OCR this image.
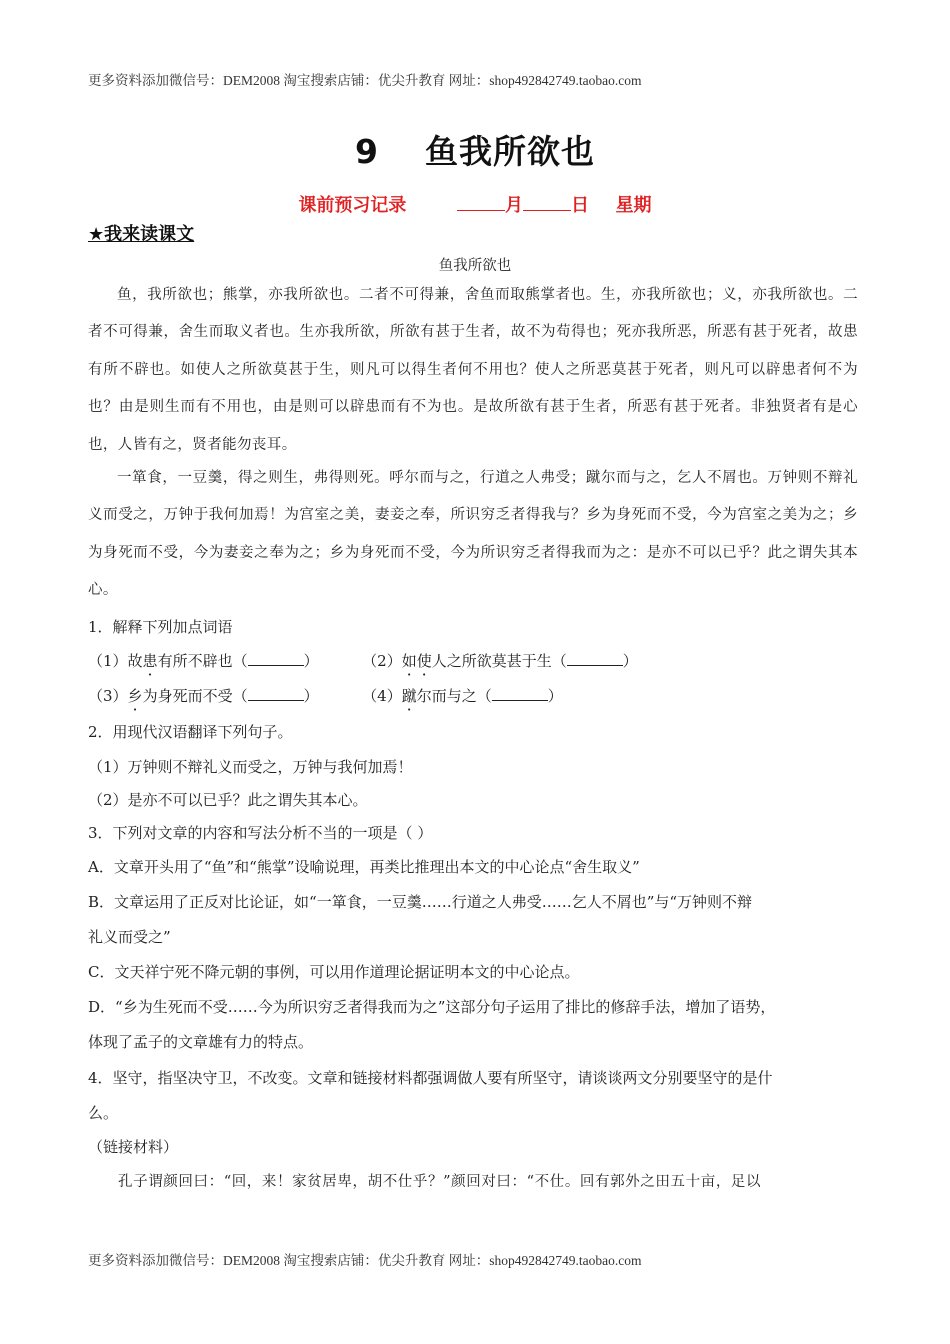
更多资料添加微信号：DEM2008 淘宝搜索店铺：优尖升教育 网址：shop492842749.taobao.com
9 鱼我所欲也
课前预习记录	月	日 星期
★我来读课文
鱼我所欲也
鱼，我所欲也；熊掌，亦我所欲也。二者不可得兼，舍鱼而取熊掌者也。生，亦我所欲也；义，亦我所欲也。二者不可得兼，舍生而取义者也。生亦我所欲，所欲有甚于生者，故不为苟得也；死亦我所恶，所恶有甚于死者，故患有所不辟也。如使人之所欲莫甚于生，则凡可以得生者何不用也？使人之所恶莫甚于死者，则凡可以辟患者何不为也？由是则生而有不用也，由是则可以辟患而有不为也。是故所欲有甚于生者，所恶有甚于死者。非独贤者有是心也，人皆有之，贤者能勿丧耳。
一箪食，一豆羹，得之则生，弗得则死。呼尔而与之，行道之人弗受；蹴尔而与之，乞人不屑也。万钟则不辩礼义而受之，万钟于我何加焉！为宫室之美，妻妾之奉，所识穷乏者得我与？乡为身死而不受，今为宫室之美为之；乡为身死而不受，今为妻妾之奉为之；乡为身死而不受，今为所识穷乏者得我而为之：是亦不可以已乎？此之谓失其本心。
1．解释下列加点词语
（1）故患有所不辟也（	）	（2）如使人之所欲莫甚于生（	）
（3）乡为身死而不受（	）	（4）蹴尔而与之（	）
2．用现代汉语翻译下列句子。
（1）万钟则不辩礼义而受之，万钟与我何加焉！
（2）是亦不可以已乎？此之谓失其本心。
3．下列对文章的内容和写法分析不当的一项是（ ）
A．文章开头用了“鱼”和“熊掌”设喻说理，再类比推理出本文的中心论点“舍生取义”
B．文章运用了正反对比论证，如“一箪食，一豆羹……行道之人弗受……乞人不屑也”与“万钟则不辩
礼义而受之”
C．文天祥宁死不降元朝的事例，可以用作道理论据证明本文的中心论点。
D．“乡为生死而不受……今为所识穷乏者得我而为之”这部分句子运用了排比的修辞手法，增加了语势，
体现了孟子的文章雄有力的特点。
4．坚守，指坚决守卫，不改变。文章和链接材料都强调做人要有所坚守，请谈谈两文分别要坚守的是什
么。
（链接材料）
孔子谓颜回曰：“回，来！家贫居卑，胡不仕乎？”颜回对曰：“不仕。回有郭外之田五十亩，足以
更多资料添加微信号：DEM2008 淘宝搜索店铺：优尖升教育 网址：shop492842749.taobao.com
